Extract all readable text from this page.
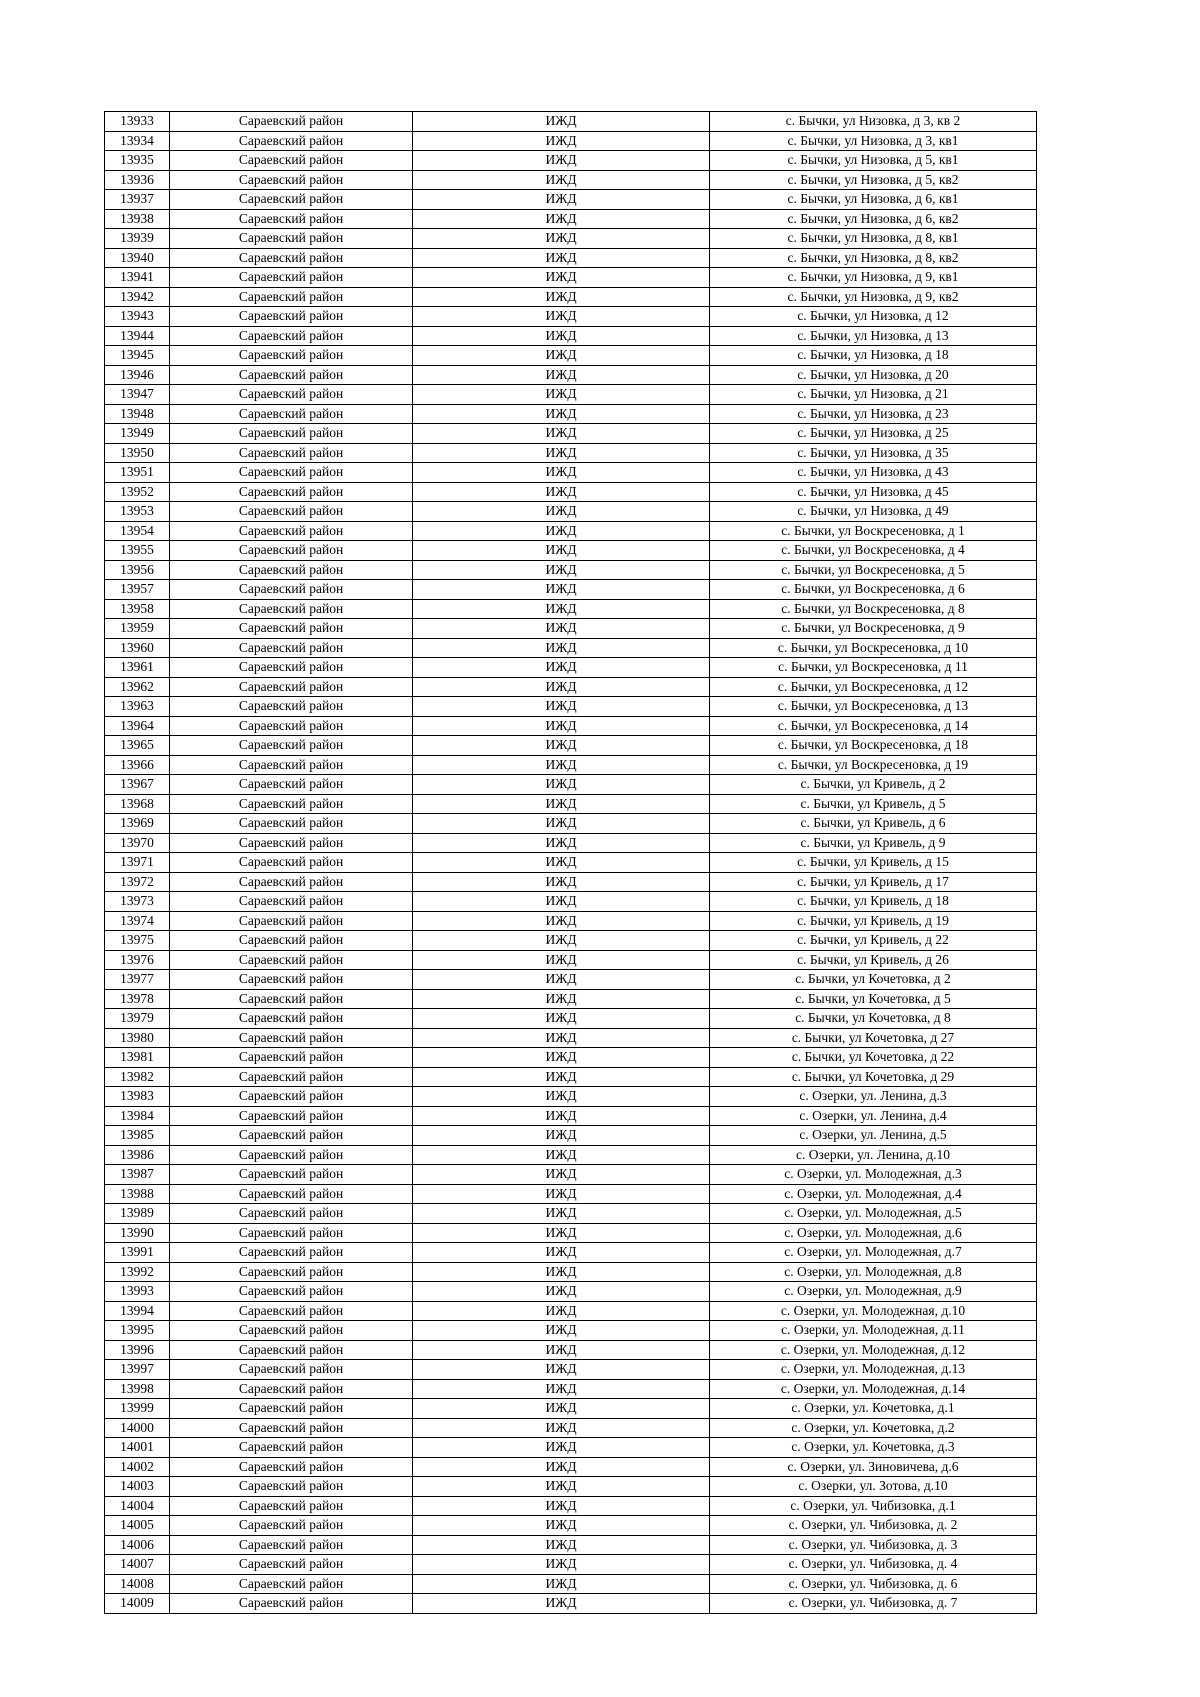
13933	Сараевский район	ИЖД	с. Бычки, ул Низовка, д 3, кв 2
13934	Сараевский район	ИЖД	с. Бычки, ул Низовка, д 3, кв1
13935	Сараевский район	ИЖД	с. Бычки, ул Низовка, д 5, кв1
13936	Сараевский район	ИЖД	с. Бычки, ул Низовка, д 5, кв2
13937	Сараевский район	ИЖД	с. Бычки, ул Низовка, д 6, кв1
13938	Сараевский район	ИЖД	с. Бычки, ул Низовка, д 6, кв2
13939	Сараевский район	ИЖД	с. Бычки, ул Низовка, д 8, кв1
13940	Сараевский район	ИЖД	с. Бычки, ул Низовка, д 8, кв2
13941	Сараевский район	ИЖД	с. Бычки, ул Низовка, д 9, кв1
13942	Сараевский район	ИЖД	с. Бычки, ул Низовка, д 9, кв2
13943	Сараевский район	ИЖД	с. Бычки, ул Низовка, д 12
13944	Сараевский район	ИЖД	с. Бычки, ул Низовка, д 13
13945	Сараевский район	ИЖД	с. Бычки, ул Низовка, д 18
13946	Сараевский район	ИЖД	с. Бычки, ул Низовка, д 20
13947	Сараевский район	ИЖД	с. Бычки, ул Низовка, д 21
13948	Сараевский район	ИЖД	с. Бычки, ул Низовка, д 23
13949	Сараевский район	ИЖД	с. Бычки, ул Низовка, д 25
13950	Сараевский район	ИЖД	с. Бычки, ул Низовка, д 35
13951	Сараевский район	ИЖД	с. Бычки, ул Низовка, д 43
13952	Сараевский район	ИЖД	с. Бычки, ул Низовка, д 45
13953	Сараевский район	ИЖД	с. Бычки, ул Низовка, д 49
13954	Сараевский район	ИЖД	с. Бычки, ул Воскресеновка, д 1
13955	Сараевский район	ИЖД	с. Бычки, ул Воскресеновка, д 4
13956	Сараевский район	ИЖД	с. Бычки, ул Воскресеновка, д 5
13957	Сараевский район	ИЖД	с. Бычки, ул Воскресеновка, д 6
13958	Сараевский район	ИЖД	с. Бычки, ул Воскресеновка, д 8
13959	Сараевский район	ИЖД	с. Бычки, ул Воскресеновка, д 9
13960	Сараевский район	ИЖД	с. Бычки, ул Воскресеновка, д 10
13961	Сараевский район	ИЖД	с. Бычки, ул Воскресеновка, д 11
13962	Сараевский район	ИЖД	с. Бычки, ул Воскресеновка, д 12
13963	Сараевский район	ИЖД	с. Бычки, ул Воскресеновка, д 13
13964	Сараевский район	ИЖД	с. Бычки, ул Воскресеновка, д 14
13965	Сараевский район	ИЖД	с. Бычки, ул Воскресеновка, д 18
13966	Сараевский район	ИЖД	с. Бычки, ул Воскресеновка, д 19
13967	Сараевский район	ИЖД	с. Бычки, ул Кривель, д 2
13968	Сараевский район	ИЖД	с. Бычки, ул Кривель, д 5
13969	Сараевский район	ИЖД	с. Бычки, ул Кривель, д 6
13970	Сараевский район	ИЖД	с. Бычки, ул Кривель, д 9
13971	Сараевский район	ИЖД	с. Бычки, ул Кривель, д 15
13972	Сараевский район	ИЖД	с. Бычки, ул Кривель, д 17
13973	Сараевский район	ИЖД	с. Бычки, ул Кривель, д 18
13974	Сараевский район	ИЖД	с. Бычки, ул Кривель, д 19
13975	Сараевский район	ИЖД	с. Бычки, ул Кривель, д 22
13976	Сараевский район	ИЖД	с. Бычки, ул Кривель, д 26
13977	Сараевский район	ИЖД	с. Бычки, ул Кочетовка, д 2
13978	Сараевский район	ИЖД	с. Бычки, ул Кочетовка, д 5
13979	Сараевский район	ИЖД	с. Бычки, ул Кочетовка, д 8
13980	Сараевский район	ИЖД	с. Бычки, ул Кочетовка, д 27
13981	Сараевский район	ИЖД	с. Бычки, ул Кочетовка, д 22
13982	Сараевский район	ИЖД	с. Бычки, ул Кочетовка, д 29
13983	Сараевский район	ИЖД	с. Озерки, ул. Ленина, д.3
13984	Сараевский район	ИЖД	с. Озерки, ул. Ленина, д.4
13985	Сараевский район	ИЖД	с. Озерки, ул. Ленина, д.5
13986	Сараевский район	ИЖД	с. Озерки, ул. Ленина, д.10
13987	Сараевский район	ИЖД	с. Озерки, ул. Молодежная, д.3
13988	Сараевский район	ИЖД	с. Озерки, ул. Молодежная, д.4
13989	Сараевский район	ИЖД	с. Озерки, ул. Молодежная, д.5
13990	Сараевский район	ИЖД	с. Озерки, ул. Молодежная, д.6
13991	Сараевский район	ИЖД	с. Озерки, ул. Молодежная, д.7
13992	Сараевский район	ИЖД	с. Озерки, ул. Молодежная, д.8
13993	Сараевский район	ИЖД	с. Озерки, ул. Молодежная, д.9
13994	Сараевский район	ИЖД	с. Озерки, ул. Молодежная, д.10
13995	Сараевский район	ИЖД	с. Озерки, ул. Молодежная, д.11
13996	Сараевский район	ИЖД	с. Озерки, ул. Молодежная, д.12
13997	Сараевский район	ИЖД	с. Озерки, ул. Молодежная, д.13
13998	Сараевский район	ИЖД	с. Озерки, ул. Молодежная, д.14
13999	Сараевский район	ИЖД	с. Озерки, ул. Кочетовка, д.1
14000	Сараевский район	ИЖД	с. Озерки, ул. Кочетовка, д.2
14001	Сараевский район	ИЖД	с. Озерки, ул. Кочетовка, д.3
14002	Сараевский район	ИЖД	с. Озерки, ул. Зиновичева, д.6
14003	Сараевский район	ИЖД	с. Озерки, ул. Зотова, д.10
14004	Сараевский район	ИЖД	с. Озерки, ул. Чибизовка, д.1
14005	Сараевский район	ИЖД	с. Озерки, ул. Чибизовка, д. 2
14006	Сараевский район	ИЖД	с. Озерки, ул. Чибизовка, д. 3
14007	Сараевский район	ИЖД	с. Озерки, ул. Чибизовка, д. 4
14008	Сараевский район	ИЖД	с. Озерки, ул. Чибизовка, д. 6
14009	Сараевский район	ИЖД	с. Озерки, ул. Чибизовка, д. 7
